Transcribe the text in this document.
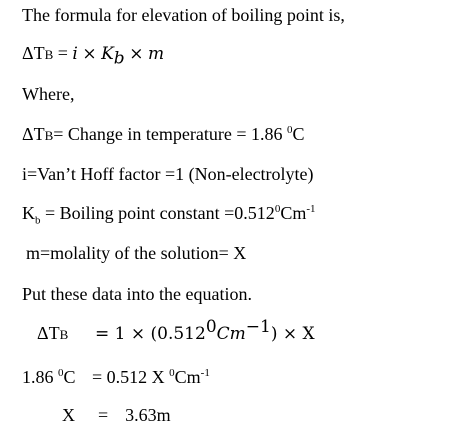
The formula for elevation of boiling point is,
$\Delta TB = i \times K_b \times m$
Where,
ΔTB= Change in temperature = 1.86 $^0$C
i=Van’t Hoff factor =1 (Non-electrolyte)
$K_b$ = Boiling point constant $=0.512^0Cm^{-1}$
m=molality of the solution= X
Put these data into the equation.
$\Delta TB = 1 \times (0.512^0Cm^{-1}) \times X$
1.86 $^0$C = 0.512 X $^0Cm^{-1}$
X = 3.63m
